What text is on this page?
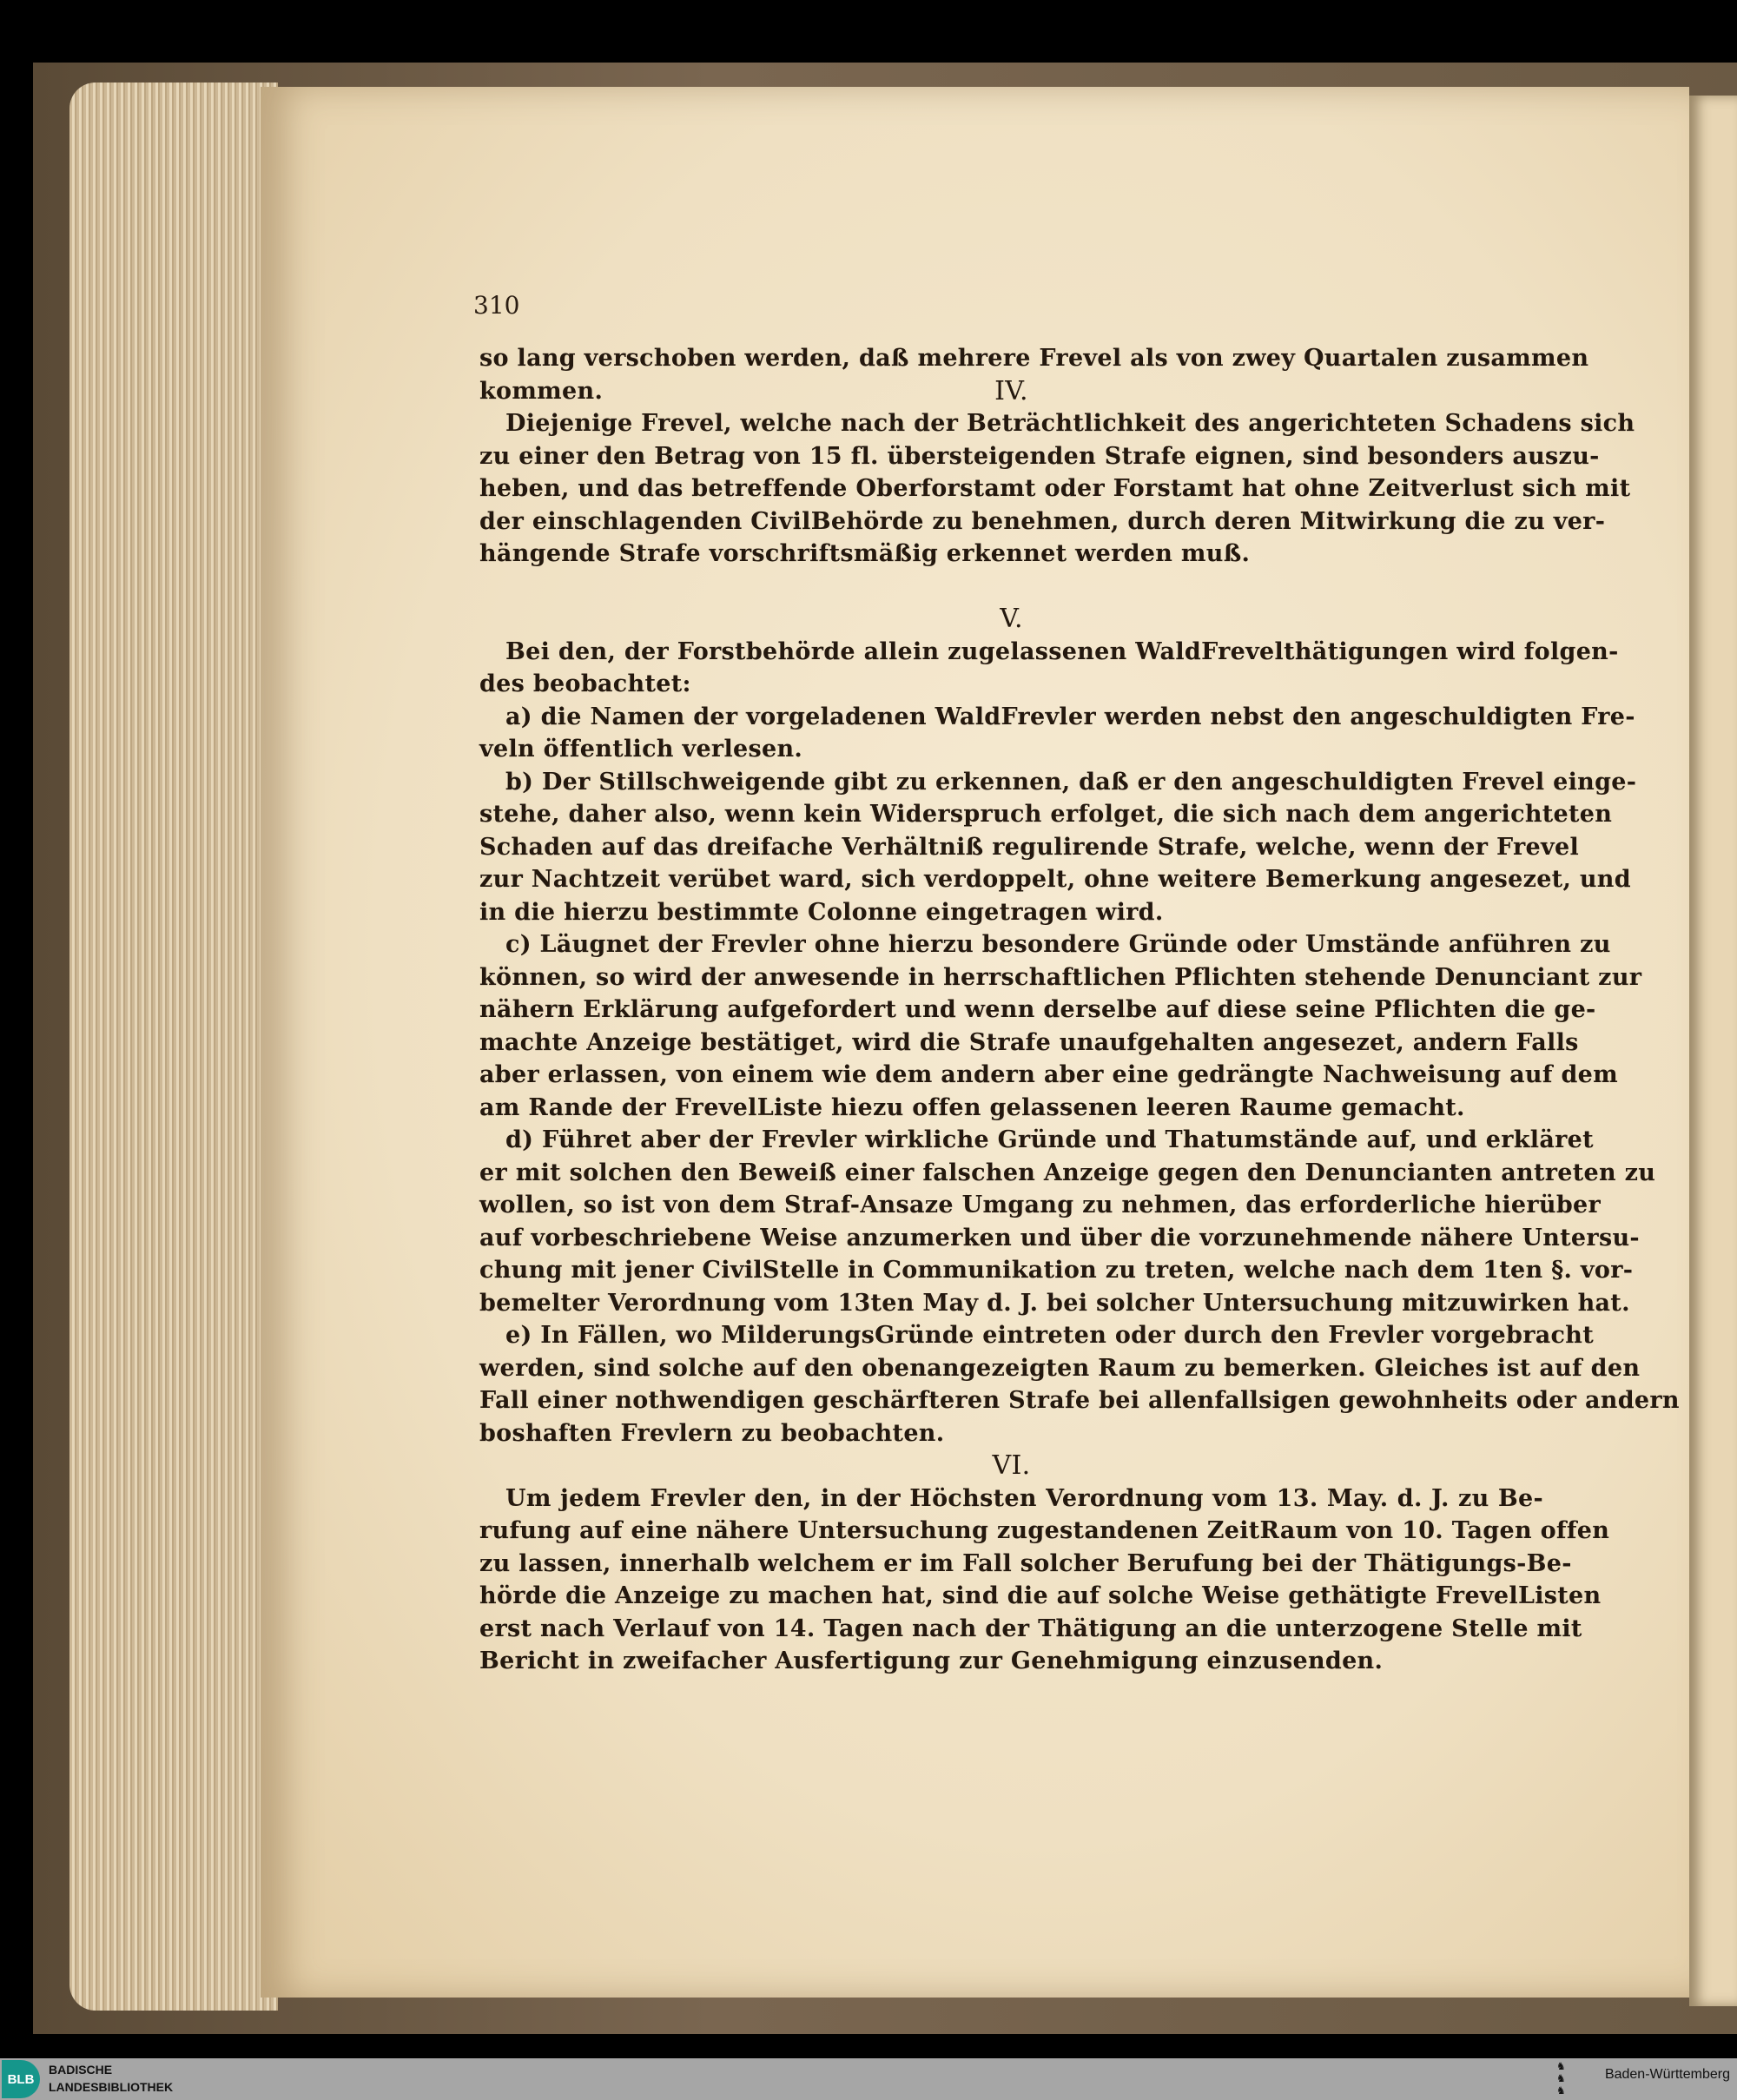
310
IV.
so lang verschoben werden, daß mehrere Frevel als von zwey Quartalen zusammen
kommen.
Diejenige Frevel, welche nach der Beträchtlichkeit des angerichteten Schadens sich
zu einer den Betrag von 15 fl. übersteigenden Strafe eignen, sind besonders auszu-
heben, und das betreffende Oberforstamt oder Forstamt hat ohne Zeitverlust sich mit
der einschlagenden CivilBehörde zu benehmen, durch deren Mitwirkung die zu ver-
hängende Strafe vorschriftsmäßig erkennet werden muß.
V.
Bei den, der Forstbehörde allein zugelassenen WaldFrevelthätigungen wird folgen-
des beobachtet:
a) die Namen der vorgeladenen WaldFrevler werden nebst den angeschuldigten Fre-
veln öffentlich verlesen.
b) Der Stillschweigende gibt zu erkennen, daß er den angeschuldigten Frevel einge-
stehe, daher also, wenn kein Widerspruch erfolget, die sich nach dem angerichteten
Schaden auf das dreifache Verhältniß regulirende Strafe, welche, wenn der Frevel
zur Nachtzeit verübet ward, sich verdoppelt, ohne weitere Bemerkung angesezet, und
in die hierzu bestimmte Colonne eingetragen wird.
c) Läugnet der Frevler ohne hierzu besondere Gründe oder Umstände anführen zu
können, so wird der anwesende in herrschaftlichen Pflichten stehende Denunciant zur
nähern Erklärung aufgefordert und wenn derselbe auf diese seine Pflichten die ge-
machte Anzeige bestätiget, wird die Strafe unaufgehalten angesezet, andern Falls
aber erlassen, von einem wie dem andern aber eine gedrängte Nachweisung auf dem
am Rande der FrevelListe hiezu offen gelassenen leeren Raume gemacht.
d) Führet aber der Frevler wirkliche Gründe und Thatumstände auf, und erkläret
er mit solchen den Beweiß einer falschen Anzeige gegen den Denuncianten antreten zu
wollen, so ist von dem Straf-Ansaze Umgang zu nehmen, das erforderliche hierüber
auf vorbeschriebene Weise anzumerken und über die vorzunehmende nähere Untersu-
chung mit jener CivilStelle in Communikation zu treten, welche nach dem 1ten §. vor-
bemelter Verordnung vom 13ten May d. J. bei solcher Untersuchung mitzuwirken hat.
e) In Fällen, wo MilderungsGründe eintreten oder durch den Frevler vorgebracht
werden, sind solche auf den obenangezeigten Raum zu bemerken. Gleiches ist auf den
Fall einer nothwendigen geschärfteren Strafe bei allenfallsigen gewohnheits oder andern
boshaften Frevlern zu beobachten.
VI.
Um jedem Frevler den, in der Höchsten Verordnung vom 13. May. d. J. zu Be-
rufung auf eine nähere Untersuchung zugestandenen ZeitRaum von 10. Tagen offen
zu lassen, innerhalb welchem er im Fall solcher Berufung bei der Thätigungs-Be-
hörde die Anzeige zu machen hat, sind die auf solche Weise gethätigte FrevelListen
erst nach Verlauf von 14. Tagen nach der Thätigung an die unterzogene Stelle mit
Bericht in zweifacher Ausfertigung zur Genehmigung einzusenden.
BLB
BADISCHE
LANDESBIBLIOTHEK
♞
♞
♞
Baden-Württemberg
